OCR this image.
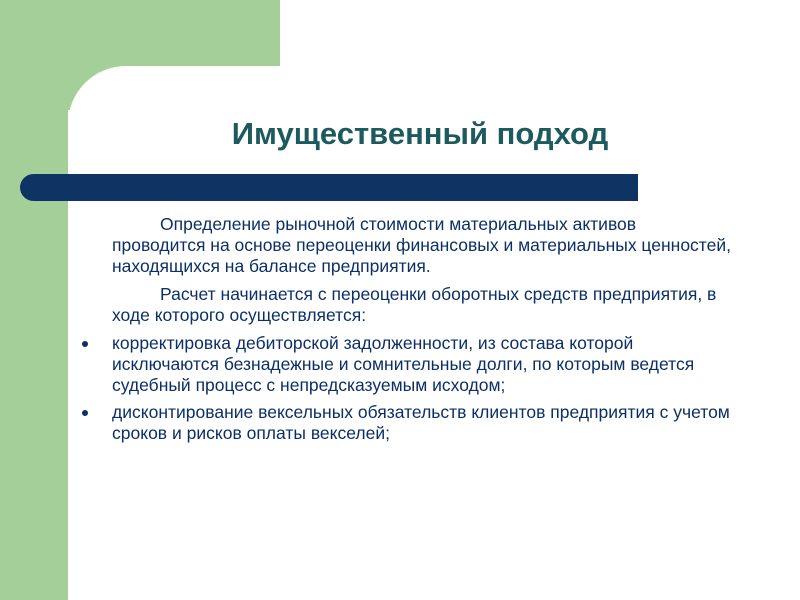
Имущественный подход

Определение рыночной стоимости материальных активов проводится на основе переоценки финансовых и материальных ценностей, находящихся на балансе предприятия.

Расчет начинается с переоценки оборотных средств предприятия, в ходе которого осуществляется:

корректировка дебиторской задолженности, из состава которой исключаются безнадежные и сомнительные долги, по которым ведется судебный процесс с непредсказуемым исходом;
дисконтирование вексельных обязательств клиентов предприятия с учетом сроков и рисков оплаты векселей;
